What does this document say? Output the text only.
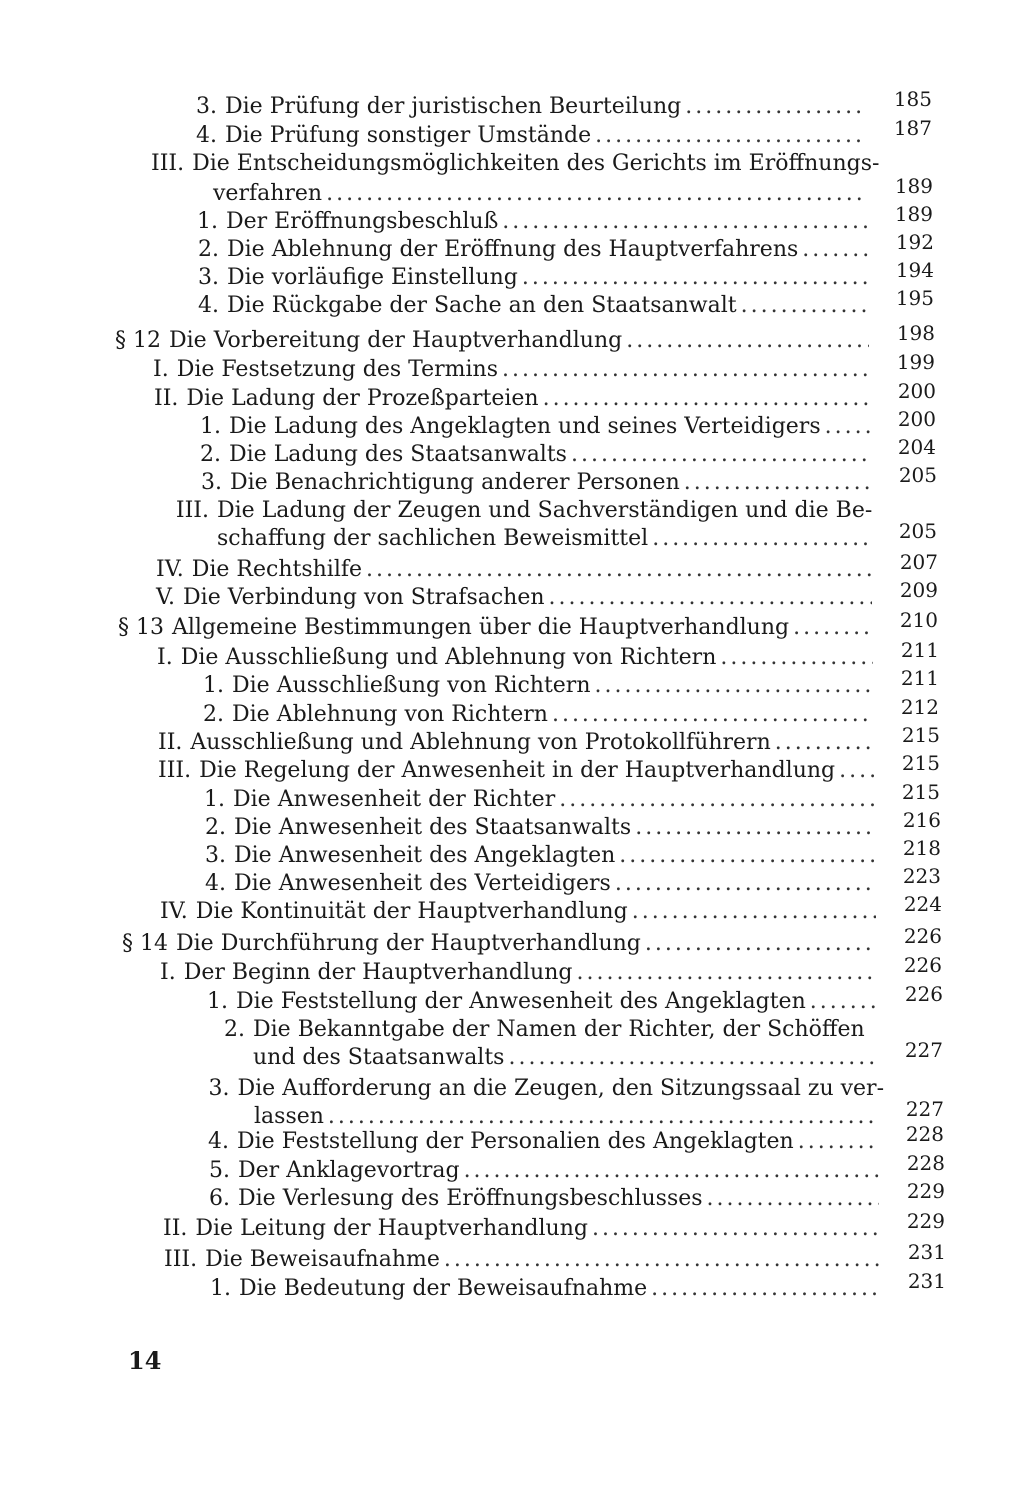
3. Die Prüfung der juristischen Beurteilung .....	185
4. Die Prüfung sonstiger Umstände .....	187
III. Die Entscheidungsmöglichkeiten des Gerichts im Eröffnungs-
verfahren .....	189
1. Der Eröffnungsbeschluß .....	189
2. Die Ablehnung der Eröffnung des Hauptverfahrens .....	192
3. Die vorläufige Einstellung .....	194
4. Die Rückgabe der Sache an den Staatsanwalt .....	195
§ 12 Die Vorbereitung der Hauptverhandlung .....	198
I. Die Festsetzung des Termins .....	199
II. Die Ladung der Prozeßparteien .....	200
1. Die Ladung des Angeklagten und seines Verteidigers .....	200
2. Die Ladung des Staatsanwalts .....	204
3. Die Benachrichtigung anderer Personen .....	205
III. Die Ladung der Zeugen und Sachverständigen und die Be-
schaffung der sachlichen Beweismittel .....	205
IV. Die Rechtshilfe .....	207
V. Die Verbindung von Strafsachen .....	209
§ 13 Allgemeine Bestimmungen über die Hauptverhandlung .....	210
I. Die Ausschließung und Ablehnung von Richtern .....	211
1. Die Ausschließung von Richtern .....	211
2. Die Ablehnung von Richtern .....	212
II. Ausschließung und Ablehnung von Protokollführern .....	215
III. Die Regelung der Anwesenheit in der Hauptverhandlung .....	215
1. Die Anwesenheit der Richter .....	215
2. Die Anwesenheit des Staatsanwalts .....	216
3. Die Anwesenheit des Angeklagten .....	218
4. Die Anwesenheit des Verteidigers .....	223
IV. Die Kontinuität der Hauptverhandlung .....	224
§ 14 Die Durchführung der Hauptverhandlung .....	226
I. Der Beginn der Hauptverhandlung .....	226
1. Die Feststellung der Anwesenheit des Angeklagten .....	226
2. Die Bekanntgabe der Namen der Richter, der Schöffen
und des Staatsanwalts .....	227
3. Die Aufforderung an die Zeugen, den Sitzungssaal zu ver-
lassen .....	227
4. Die Feststellung der Personalien des Angeklagten .....	228
5. Der Anklagevortrag .....	228
6. Die Verlesung des Eröffnungsbeschlusses .....	229
II. Die Leitung der Hauptverhandlung .....	229
III. Die Beweisaufnahme .....	231
1. Die Bedeutung der Beweisaufnahme .....	231
14
